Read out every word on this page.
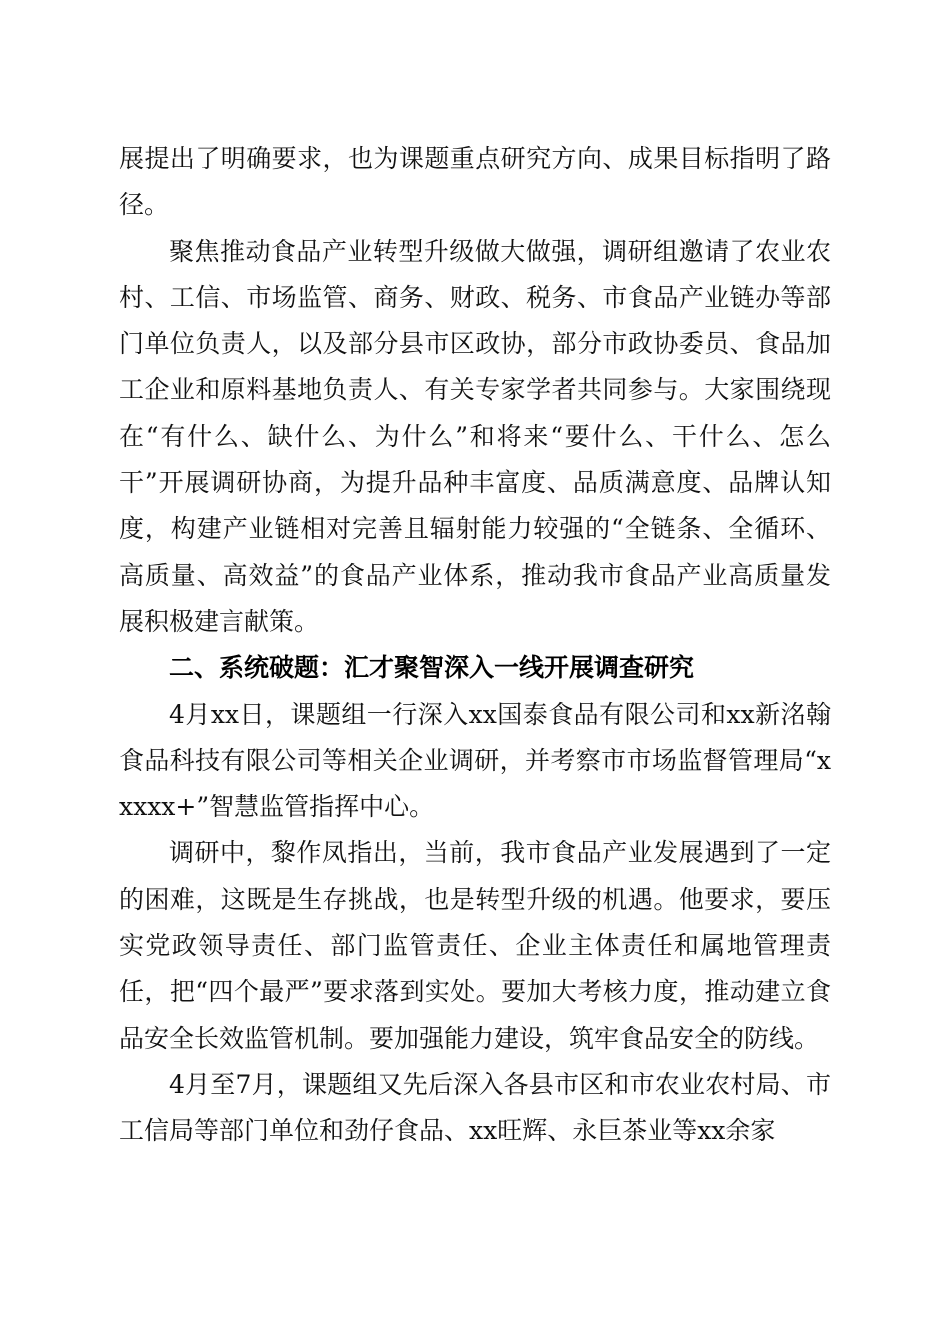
展提出了明确要求，也为课题重点研究方向、成果目标指明了路径。

聚焦推动食品产业转型升级做大做强，调研组邀请了农业农村、工信、市场监管、商务、财政、税务、市食品产业链办等部门单位负责人，以及部分县市区政协，部分市政协委员、食品加工企业和原料基地负责人、有关专家学者共同参与。大家围绕现在“有什么、缺什么、为什么”和将来“要什么、干什么、怎么干”开展调研协商，为提升品种丰富度、品质满意度、品牌认知度，构建产业链相对完善且辐射能力较强的“全链条、全循环、高质量、高效益”的食品产业体系，推动我市食品产业高质量发展积极建言献策。

二、系统破题：汇才聚智深入一线开展调查研究

4月xx日，课题组一行深入xx国泰食品有限公司和xx新洺翰食品科技有限公司等相关企业调研，并考察市市场监督管理局“xxxxx+”智慧监管指挥中心。

调研中，黎作凤指出，当前，我市食品产业发展遇到了一定的困难，这既是生存挑战，也是转型升级的机遇。他要求，要压实党政领导责任、部门监管责任、企业主体责任和属地管理责任，把“四个最严”要求落到实处。要加大考核力度，推动建立食品安全长效监管机制。要加强能力建设，筑牢食品安全的防线。

4月至7月，课题组又先后深入各县市区和市农业农村局、市工信局等部门单位和劲仔食品、xx旺辉、永巨茶业等xx余家
